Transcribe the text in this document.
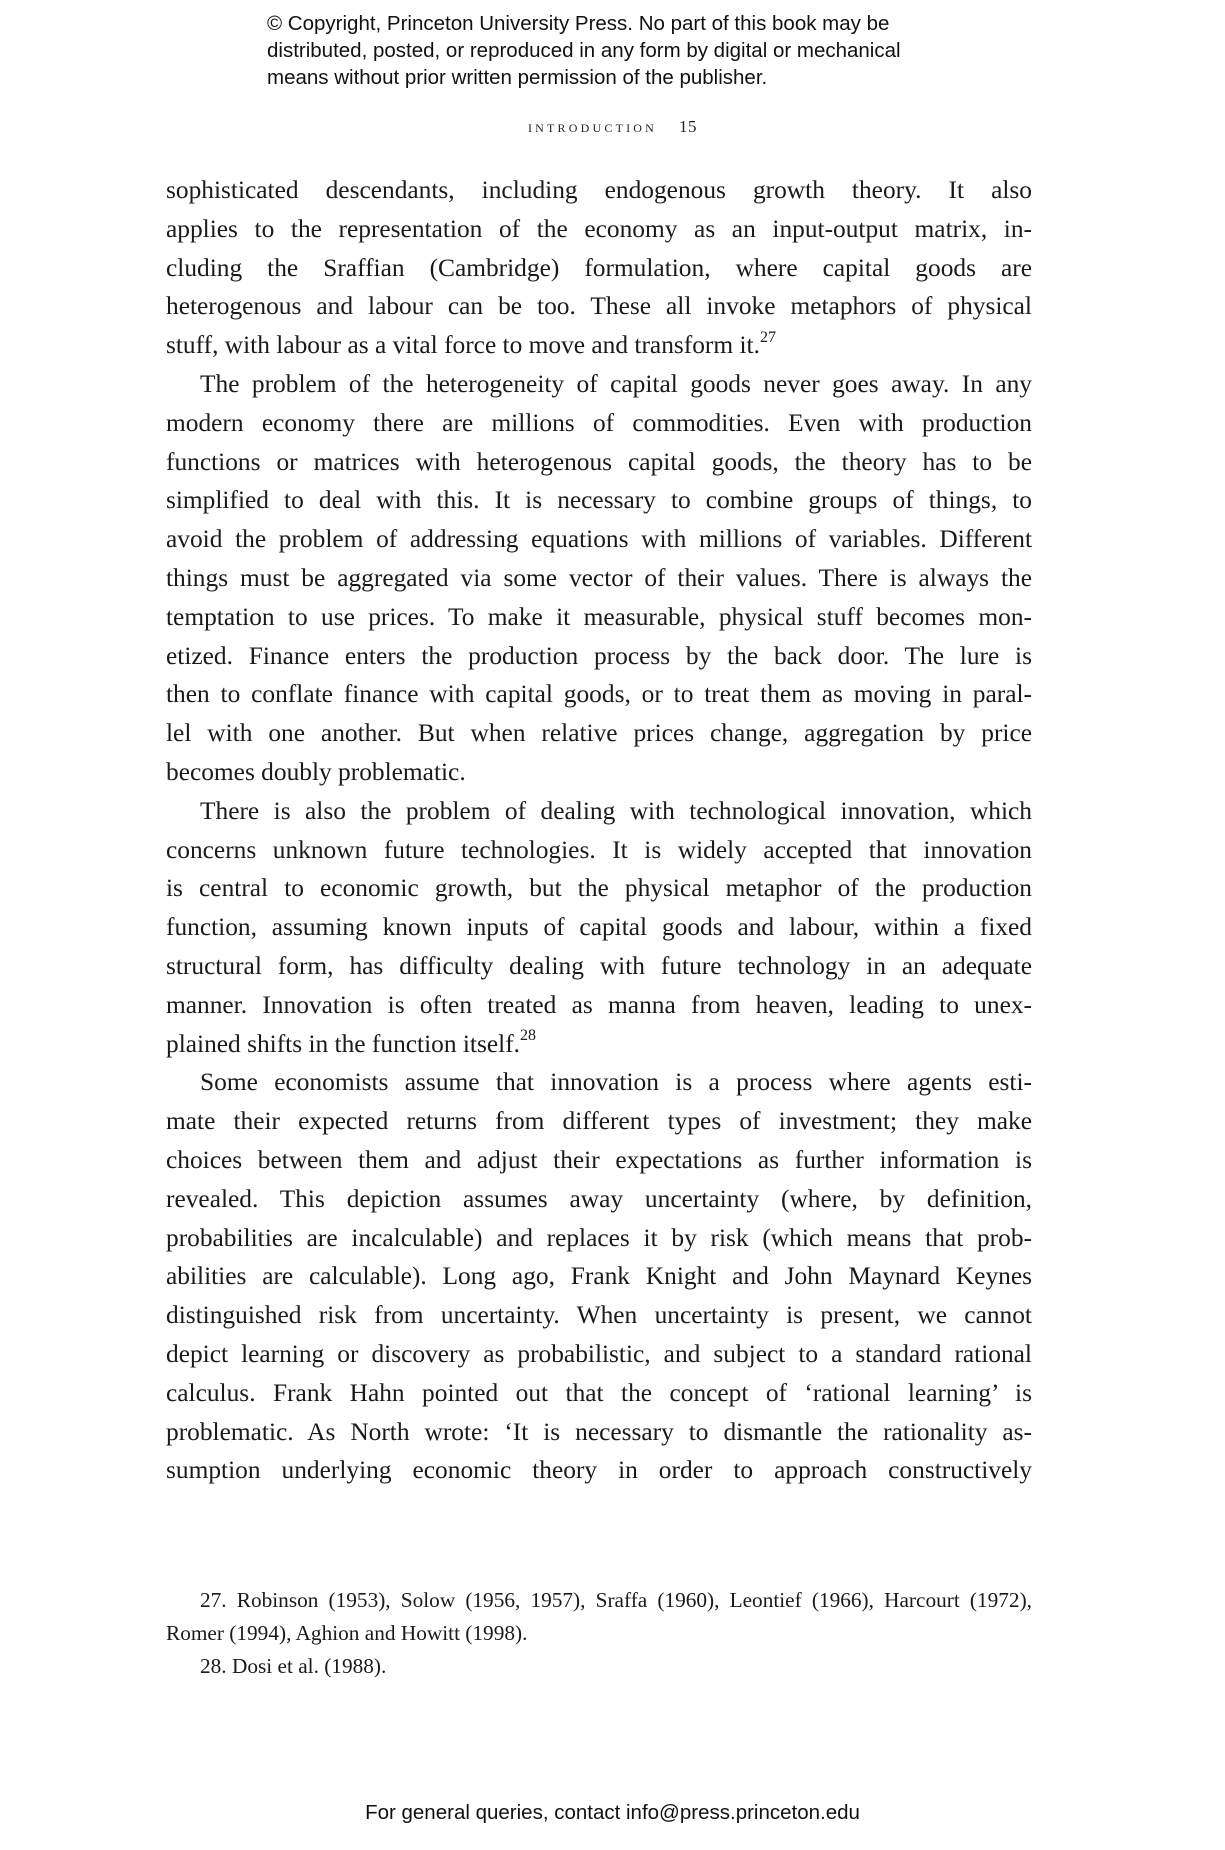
© Copyright, Princeton University Press. No part of this book may be
distributed, posted, or reproduced in any form by digital or mechanical
means without prior written permission of the publisher.
introduction 15
sophisticated descendants, including endogenous growth theory. It also
applies to the representation of the economy as an input-output matrix, in-
cluding the Sraffian (Cambridge) formulation, where capital goods are
heterogenous and labour can be too. These all invoke metaphors of physical
stuff, with labour as a vital force to move and transform it.$^{27}$
The problem of the heterogeneity of capital goods never goes away. In any
modern economy there are millions of commodities. Even with production
functions or matrices with heterogenous capital goods, the theory has to be
simplified to deal with this. It is necessary to combine groups of things, to
avoid the problem of addressing equations with millions of variables. Different
things must be aggregated via some vector of their values. There is always the
temptation to use prices. To make it measurable, physical stuff becomes mon-
etized. Finance enters the production process by the back door. The lure is
then to conflate finance with capital goods, or to treat them as moving in paral-
lel with one another. But when relative prices change, aggregation by price
becomes doubly problematic.
There is also the problem of dealing with technological innovation, which
concerns unknown future technologies. It is widely accepted that innovation
is central to economic growth, but the physical metaphor of the production
function, assuming known inputs of capital goods and labour, within a fixed
structural form, has difficulty dealing with future technology in an adequate
manner. Innovation is often treated as manna from heaven, leading to unex-
plained shifts in the function itself.$^{28}$
Some economists assume that innovation is a process where agents esti-
mate their expected returns from different types of investment; they make
choices between them and adjust their expectations as further information is
revealed. This depiction assumes away uncertainty (where, by definition,
probabilities are incalculable) and replaces it by risk (which means that prob-
abilities are calculable). Long ago, Frank Knight and John Maynard Keynes
distinguished risk from uncertainty. When uncertainty is present, we cannot
depict learning or discovery as probabilistic, and subject to a standard rational
calculus. Frank Hahn pointed out that the concept of ‘rational learning’ is
problematic. As North wrote: ‘It is necessary to dismantle the rationality as-
sumption underlying economic theory in order to approach constructively
27. Robinson (1953), Solow (1956, 1957), Sraffa (1960), Leontief (1966), Harcourt (1972),
Romer (1994), Aghion and Howitt (1998).
28. Dosi et al. (1988).
For general queries, contact info@press.princeton.edu
